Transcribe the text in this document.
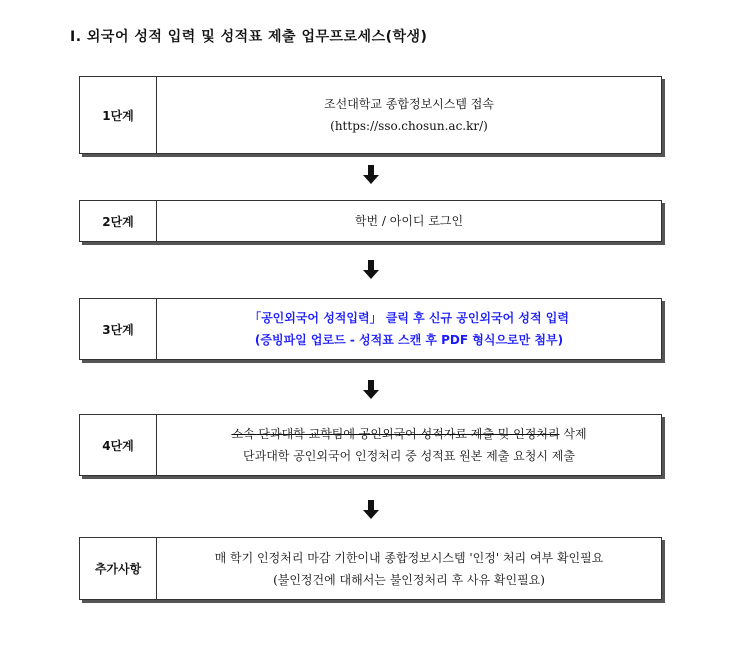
I. 외국어 성적 입력 및 성적표 제출 업무프로세스(학생)
1단계
조선대학교 종합정보시스템 접속
(https://sso.chosun.ac.kr/)
2단계	학번 / 아이디 로그인
3단계
「공인외국어 성적입력」 클릭 후 신규 공인외국어 성적 입력
(증빙파일 업로드 - 성적표 스캔 후 PDF 형식으로만 첨부)
4단계
소속 단과대학 교학팀에 공인외국어 성적자료 제출 및 인정처리 삭제
단과대학 공인외국어 인정처리 중 성적표 원본 제출 요청시 제출
추가사항
매 학기 인정처리 마감 기한이내 종합정보시스템 '인정' 처리 여부 확인필요
(불인정건에 대해서는 불인정처리 후 사유 확인필요)
